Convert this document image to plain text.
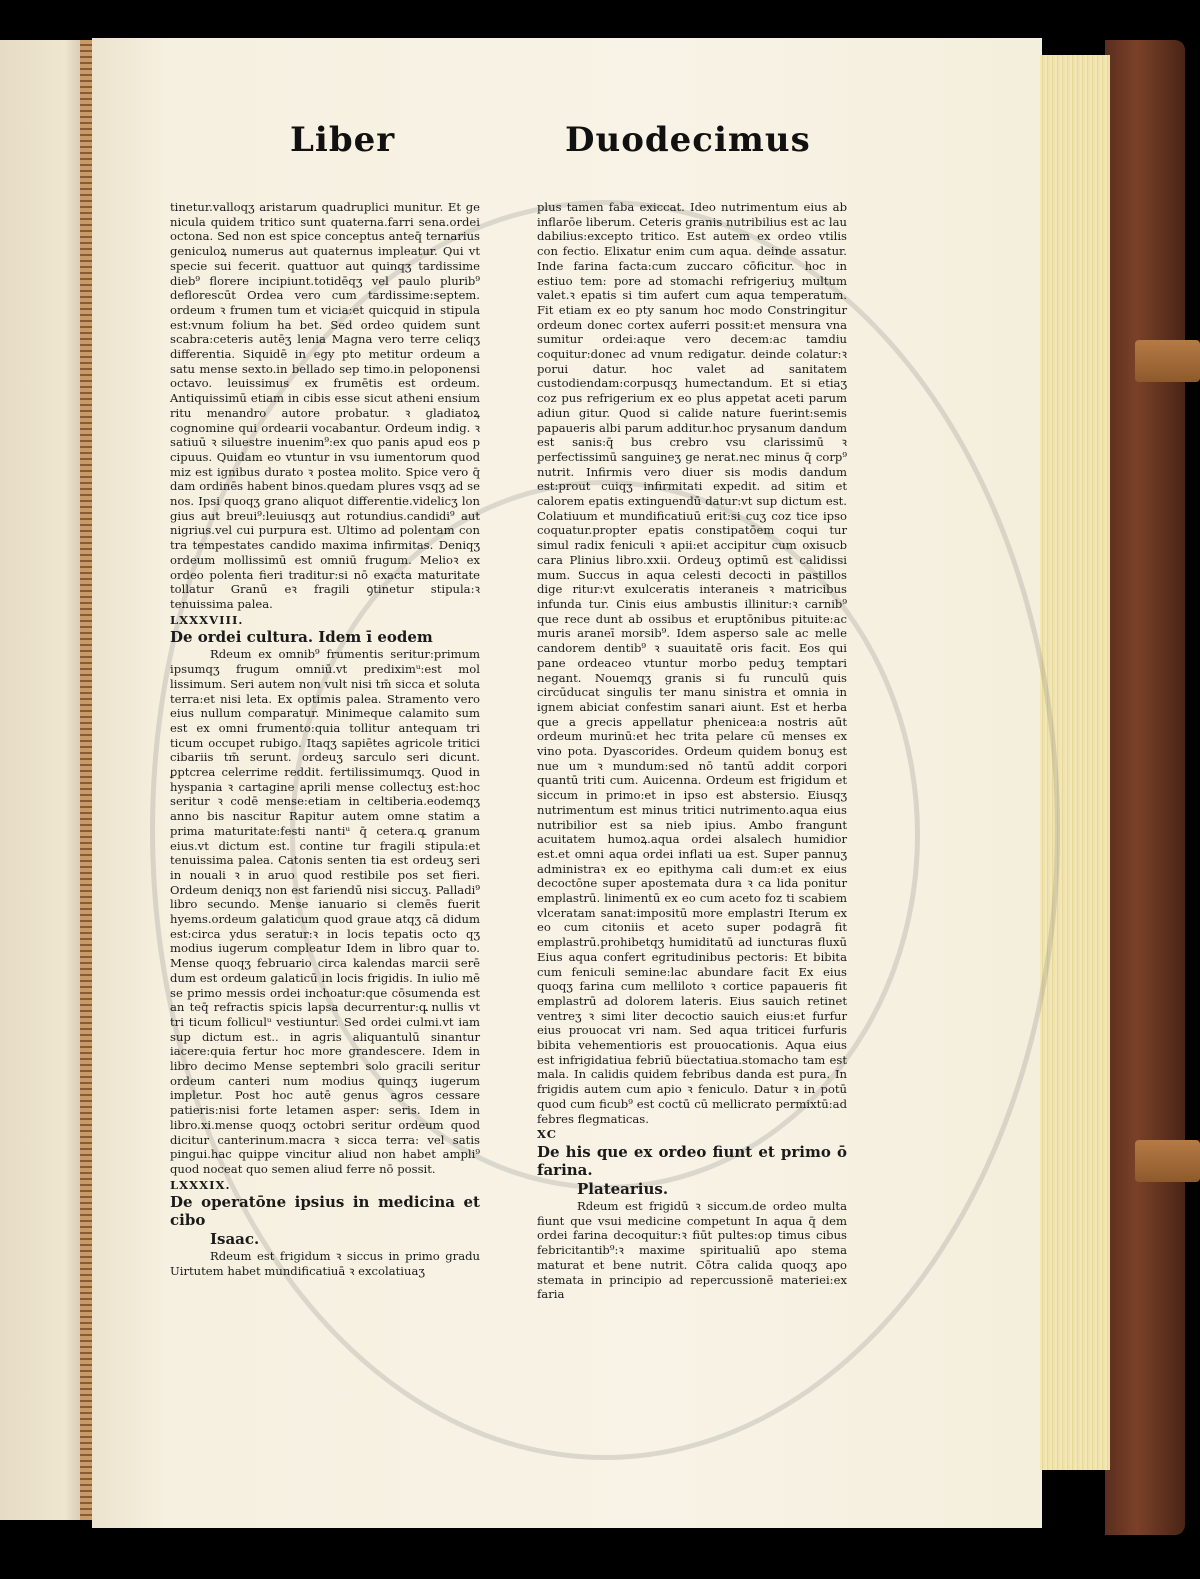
Liber	Duodecimus

tinetur.valloqʒ aristarum quadruplici munitur. Et ge nicula quidem tritico sunt quaterna.farri sena.ordei octona. Sed non est spice conceptus anteq̄ ternarius geniculoꝝ numerus aut quaternus impleatur. Qui vt specie sui fecerit. quattuor aut quinqʒ tardissime dieb⁹ florere incipiunt.totidēqʒ vel paulo plurib⁹ deflorescūt Ordea vero cum tardissime:septem. ordeum ꝛ frumen tum et vicia:et quicquid in stipula est:vnum folium ha bet. Sed ordeo quidem sunt scabra:ceteris autēʒ lenia Magna vero terre celiqʒ differentia. Siquidē in egy pto metitur ordeum a satu mense sexto.in bellado sep timo.in peloponensi octavo. leuissimus ex frumētis est ordeum. Antiquissimū etiam in cibis esse sicut atheni ensium ritu menandro autore probatur. ꝛ gladiatoꝝ cognomine qui ordearii vocabantur. Ordeum indig. ꝛ satiuū ꝛ siluestre inuenim⁹:ex quo panis apud eos p cipuus. Quidam eo vtuntur in vsu iumentorum quod miz est ignibus durato ꝛ postea molito. Spice vero q̄ dam ordinēs habent binos.quedam plures vsqʒ ad se nos. Ipsi quoqʒ grano aliquot differentie.videlicʒ lon gius aut breui⁹:leuiusqʒ aut rotundius.candidi⁹ aut nigrius.vel cui purpura est. Ultimo ad polentam con tra tempestates candido maxima infirmitas. Deniqʒ ordeum mollissimū est omniū frugum. Melioꝛ ex ordeo polenta fieri traditur:si nō exacta maturitate tollatur Granū eꝛ fragili ꝯtinetur stipula:ꝛ tenuissima palea.

LXXXVIII.

De ordei cultura. Idem ī eodem

Rdeum ex omnib⁹ frumentis seritur:primum ipsumqʒ frugum omniū.vt prediximᵘ:est mol lissimum. Seri autem non vult nisi tm̄ sicca et soluta terra:et nisi leta. Ex optimis palea. Stramento vero eius nullum comparatur. Minimeque calamito sum est ex omni frumento:quia tollitur antequam tri ticum occupet rubigo. Itaqʒ sapiētes agricole tritici cibariis tm̄ serunt. ordeuʒ sarculo seri dicunt. ꝑptcrea celerrime reddit. fertilissimumqʒ. Quod in hyspania ꝛ cartagine aprili mense collectuʒ est:hoc seritur ꝛ codē mense:etiam in celtiberia.eodemqʒ anno bis nascitur Rapitur autem omne statim a prima maturitate:festi nantiᵘ q̄ cetera.q꜡ granum eius.vt dictum est. contine tur fragili stipula:et tenuissima palea. Catonis senten tia est ordeuʒ seri in nouali ꝛ in aruo quod restibile pos set fieri. Ordeum deniqʒ non est fariendū nisi siccuʒ. Palladi⁹ libro secundo. Mense ianuario si clemēs fuerit hyems.ordeum galaticum quod graue atqʒ cā didum est:circa ydus seratur:ꝛ in locis tepatis octo qʒ modius iugerum compleatur Idem in libro quar to. Mense quoqʒ februario circa kalendas marcii serē dum est ordeum galaticū in locis frigidis. In iulio mē se primo messis ordei inchoatur:que cōsumenda est an teq̄ refractis spicis lapsa decurrentur:q꜡ nullis vt tri ticum folliculᵘ vestiuntur. Sed ordei culmi.vt iam sup dictum est.. in agris aliquantulū sinantur iacere:quia fertur hoc more grandescere. Idem in libro decimo Mense septembri solo gracili seritur ordeum canteri num modius quinqʒ iugerum impletur. Post hoc autē genus agros cessare patieris:nisi forte letamen asper: seris. Idem in libro.xi.mense quoqʒ octobri seritur ordeum quod dicitur canterinum.macra ꝛ sicca terra: vel satis pingui.hac quippe vincitur aliud non habet ampli⁹ quod noceat quo semen aliud ferre nō possit.

LXXXIX.

De operatōne ipsius in medicina et cibo

Isaac.

Rdeum est frigidum ꝛ siccus in primo gradu Uirtutem habet mundificatiuā ꝛ excolatiuaʒ

plus tamen faba exiccat. Ideo nutrimentum eius ab inflarōe liberum. Ceteris granis nutribilius est ac lau dabilius:excepto tritico. Est autem ex ordeo vtilis con fectio. Elixatur enim cum aqua. deinde assatur. Inde farina facta:cum zuccaro cōficitur. hoc in estiuo tem: pore ad stomachi refrigeriuʒ multum valet.ꝛ epatis si tim aufert cum aqua temperatum. Fit etiam ex eo pty sanum hoc modo Constringitur ordeum donec cortex auferri possit:et mensura vna sumitur ordei:aque vero decem:ac tamdiu coquitur:donec ad vnum redigatur. deinde colatur:ꝛ porui datur. hoc valet ad sanitatem custodiendam:corpusqʒ humectandum. Et si etiaʒ coz pus refrigerium ex eo plus appetat aceti parum adiun gitur. Quod si calide nature fuerint:semis papaueris albi parum additur.hoc prysanum dandum est sanis:q̄ bus crebro vsu clarissimū ꝛ perfectissimū sanguineʒ ge nerat.nec minus q̄ corp⁹ nutrit. Infirmis vero diuer sis modis dandum est:prout cuiqʒ infirmitati expedit. ad sitim et calorem epatis extinguendū datur:vt sup dictum est. Colatiuum et mundificatiuū erit:si cuʒ coz tice ipso coquatur.propter epatis constipatōem coqui tur simul radix feniculi ꝛ apii:et accipitur cum oxisucb cara Plinius libro.xxii. Ordeuʒ optimū est calidissi mum. Succus in aqua celesti decocti in pastillos dige ritur:vt exulceratis interaneis ꝛ matricibus infunda tur. Cinis eius ambustis illinitur:ꝛ carnib⁹ que rece dunt ab ossibus et eruptōnibus pituite:ac muris araneī morsib⁹. Idem asperso sale ac melle candorem dentib⁹ ꝛ suauitatē oris facit. Eos qui pane ordeaceo vtuntur morbo peduʒ temptari negant. Nouemqʒ granis si fu runculū quis circūducat singulis ter manu sinistra et omnia in ignem abiciat confestim sanari aiunt. Est et herba que a grecis appellatur phenicea:a nostris aūt ordeum murinū:et hec trita pelare cū menses ex vino pota. Dyascorides. Ordeum quidem bonuʒ est nue um ꝛ mundum:sed nō tantū addit corpori quantū triti cum. Auicenna. Ordeum est frigidum et siccum in primo:et in ipso est abstersio. Eiusqʒ nutrimentum est minus tritici nutrimento.aqua eius nutribilior est sa nieb ipius. Ambo frangunt acuitatem humoꝝ.aqua ordei alsalech humidior est.et omni aqua ordei inflati ua est. Super pannuʒ administraꝛ ex eo epithyma cali dum:et ex eius decoctōne super apostemata dura ꝛ ca lida ponitur emplastrū. linimentū ex eo cum aceto foz ti scabiem vlceratam sanat:impositū more emplastri Iterum ex eo cum citoniis et aceto super podagrā fit emplastrū.prohibetqʒ humiditatū ad iuncturas fluxū Eius aqua confert egritudinibus pectoris: Et bibita cum feniculi semine:lac abundare facit Ex eius quoqʒ farina cum melliloto ꝛ cortice papaueris fit emplastrū ad dolorem lateris. Eius sauich retinet ventreʒ ꝛ simi liter decoctio sauich eius:et furfur eius prouocat vri nam. Sed aqua triticei furfuris bibita vehementioris est prouocationis. Aqua eius est infrigidatiua febriū büectatiua.stomacho tam est mala. In calidis quidem febribus danda est pura. In frigidis autem cum apio ꝛ feniculo. Datur ꝛ in potū quod cum ficub⁹ est coctū cū mellicrato permixtū:ad febres flegmaticas.

XC

De his que ex ordeo fiunt et primo ō farina.

Platearius.

Rdeum est frigidū ꝛ siccum.de ordeo multa fiunt que vsui medicine competunt In aqua q̄ dem ordei farina decoquitur:ꝛ fiūt pultes:op timus cibus febricitantib⁹:ꝛ maxime spiritualiū apo stema maturat et bene nutrit. Cōtra calida quoqʒ apo stemata in principio ad repercussionē materiei:ex faria
